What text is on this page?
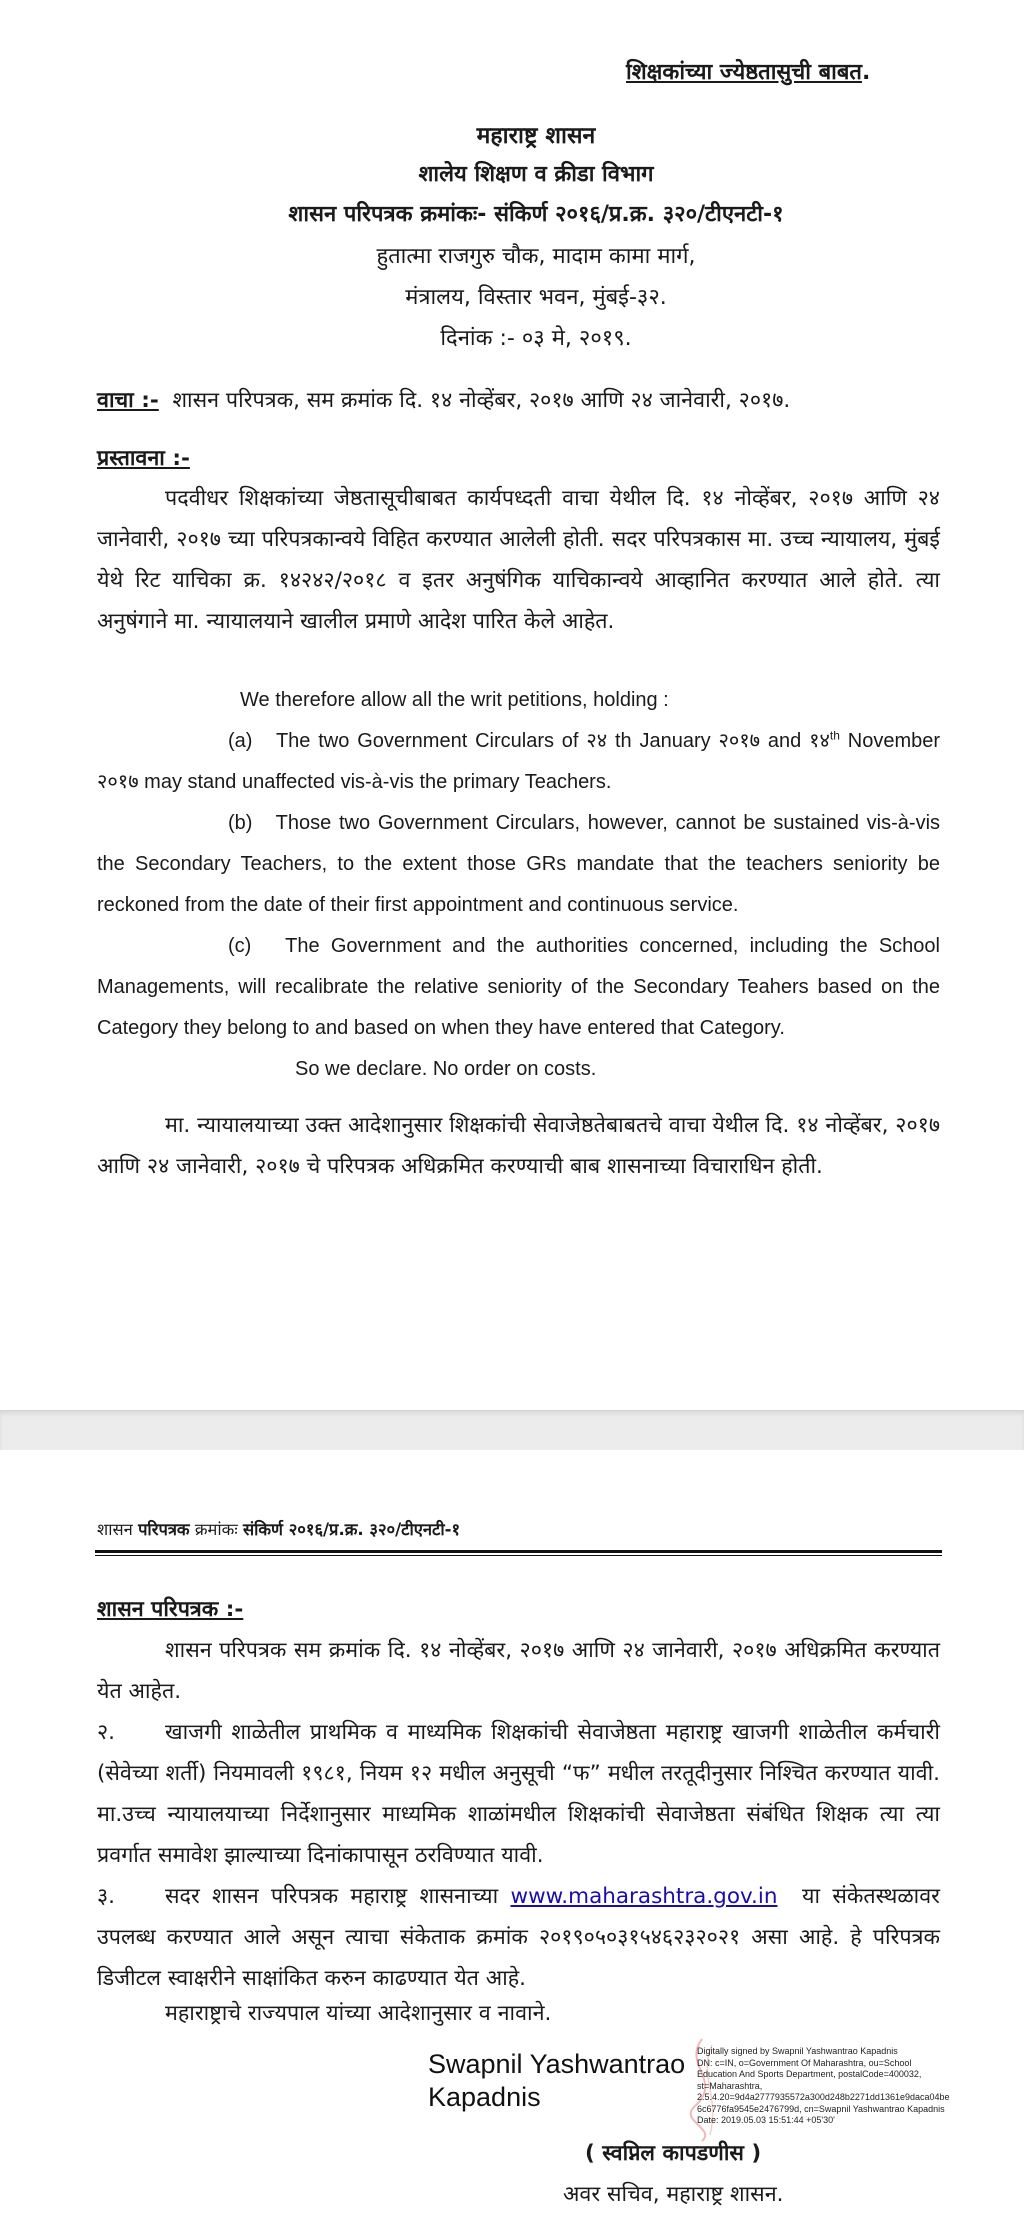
शिक्षकांच्या ज्येष्ठतासुची बाबत.

महाराष्ट्र शासन

शालेय शिक्षण व क्रीडा विभाग

शासन परिपत्रक क्रमांकः- संकिर्ण २०१६/प्र.क्र. ३२०/टीएनटी-१

हुतात्मा राजगुरु चौक, मादाम कामा मार्ग,

मंत्रालय, विस्तार भवन, मुंबई-३२.

दिनांक :- ०३ मे, २०१९.

वाचा :- शासन परिपत्रक, सम क्रमांक दि. १४ नोव्हेंबर, २०१७ आणि २४ जानेवारी, २०१७.

प्रस्तावना :-

पदवीधर शिक्षकांच्या जेष्ठतासूचीबाबत कार्यपध्दती वाचा येथील दि. १४ नोव्हेंबर, २०१७ आणि २४ जानेवारी, २०१७ च्या परिपत्रकान्वये विहित करण्यात आलेली होती. सदर परिपत्रकास मा. उच्च न्यायालय, मुंबई येथे रिट याचिका क्र. १४२४२/२०१८ व इतर अनुषंगिक याचिकान्वये आव्हानित करण्यात आले होते. त्या अनुषंगाने मा. न्यायालयाने खालील प्रमाणे आदेश पारित केले आहेत.

We therefore allow all the writ petitions, holding :

(a) The two Government Circulars of २४ th January २०१७ and १४th November २०१७ may stand unaffected vis-à-vis the primary Teachers.

(b) Those two Government Circulars, however, cannot be sustained vis-à-vis the Secondary Teachers, to the extent those GRs mandate that the teachers seniority be reckoned from the date of their first appointment and continuous service.

(c) The Government and the authorities concerned, including the School Managements, will recalibrate the relative seniority of the Secondary Teahers based on the Category they belong to and based on when they have entered that Category.

So we declare. No order on costs.

मा. न्यायालयाच्या उक्त आदेशानुसार शिक्षकांची सेवाजेष्ठतेबाबतचे वाचा येथील दि. १४ नोव्हेंबर, २०१७ आणि २४ जानेवारी, २०१७ चे परिपत्रक अधिक्रमित करण्याची बाब शासनाच्या विचाराधिन होती.

शासन परिपत्रक क्रमांकः संकिर्ण २०१६/प्र.क्र. ३२०/टीएनटी-१

शासन परिपत्रक :-

शासन परिपत्रक सम क्रमांक दि. १४ नोव्हेंबर, २०१७ आणि २४ जानेवारी, २०१७ अधिक्रमित करण्यात येत आहेत.

२. खाजगी शाळेतील प्राथमिक व माध्यमिक शिक्षकांची सेवाजेष्ठता महाराष्ट्र खाजगी शाळेतील कर्मचारी (सेवेच्या शर्ती) नियमावली १९८१, नियम १२ मधील अनुसूची “फ” मधील तरतूदीनुसार निश्चित करण्यात यावी. मा.उच्च न्यायालयाच्या निर्देशानुसार माध्यमिक शाळांमधील शिक्षकांची सेवाजेष्ठता संबंधित शिक्षक त्या त्या प्रवर्गात समावेश झाल्याच्या दिनांकापासून ठरविण्यात यावी.

३. सदर शासन परिपत्रक महाराष्ट्र शासनाच्या www.maharashtra.gov.in या संकेतस्थळावर उपलब्ध करण्यात आले असून त्याचा संकेताक क्रमांक २०१९०५०३१५४६२३२०२१ असा आहे. हे परिपत्रक डिजीटल स्वाक्षरीने साक्षांकित करुन काढण्यात येत आहे.

महाराष्ट्राचे राज्यपाल यांच्या आदेशानुसार व नावाने.

Swapnil Yashwantrao
Kapadnis
Digitally signed by Swapnil Yashwantrao Kapadnis
DN: c=IN, o=Government Of Maharashtra, ou=School
Education And Sports Department, postalCode=400032,
st=Maharashtra,
2.5.4.20=9d4a2777935572a300d248b2271dd1361e9daca04be
6c6776fa9545e2476799d, cn=Swapnil Yashwantrao Kapadnis
Date: 2019.05.03 15:51:44 +05'30'

( स्वप्निल कापडणीस )

अवर सचिव, महाराष्ट्र शासन.
